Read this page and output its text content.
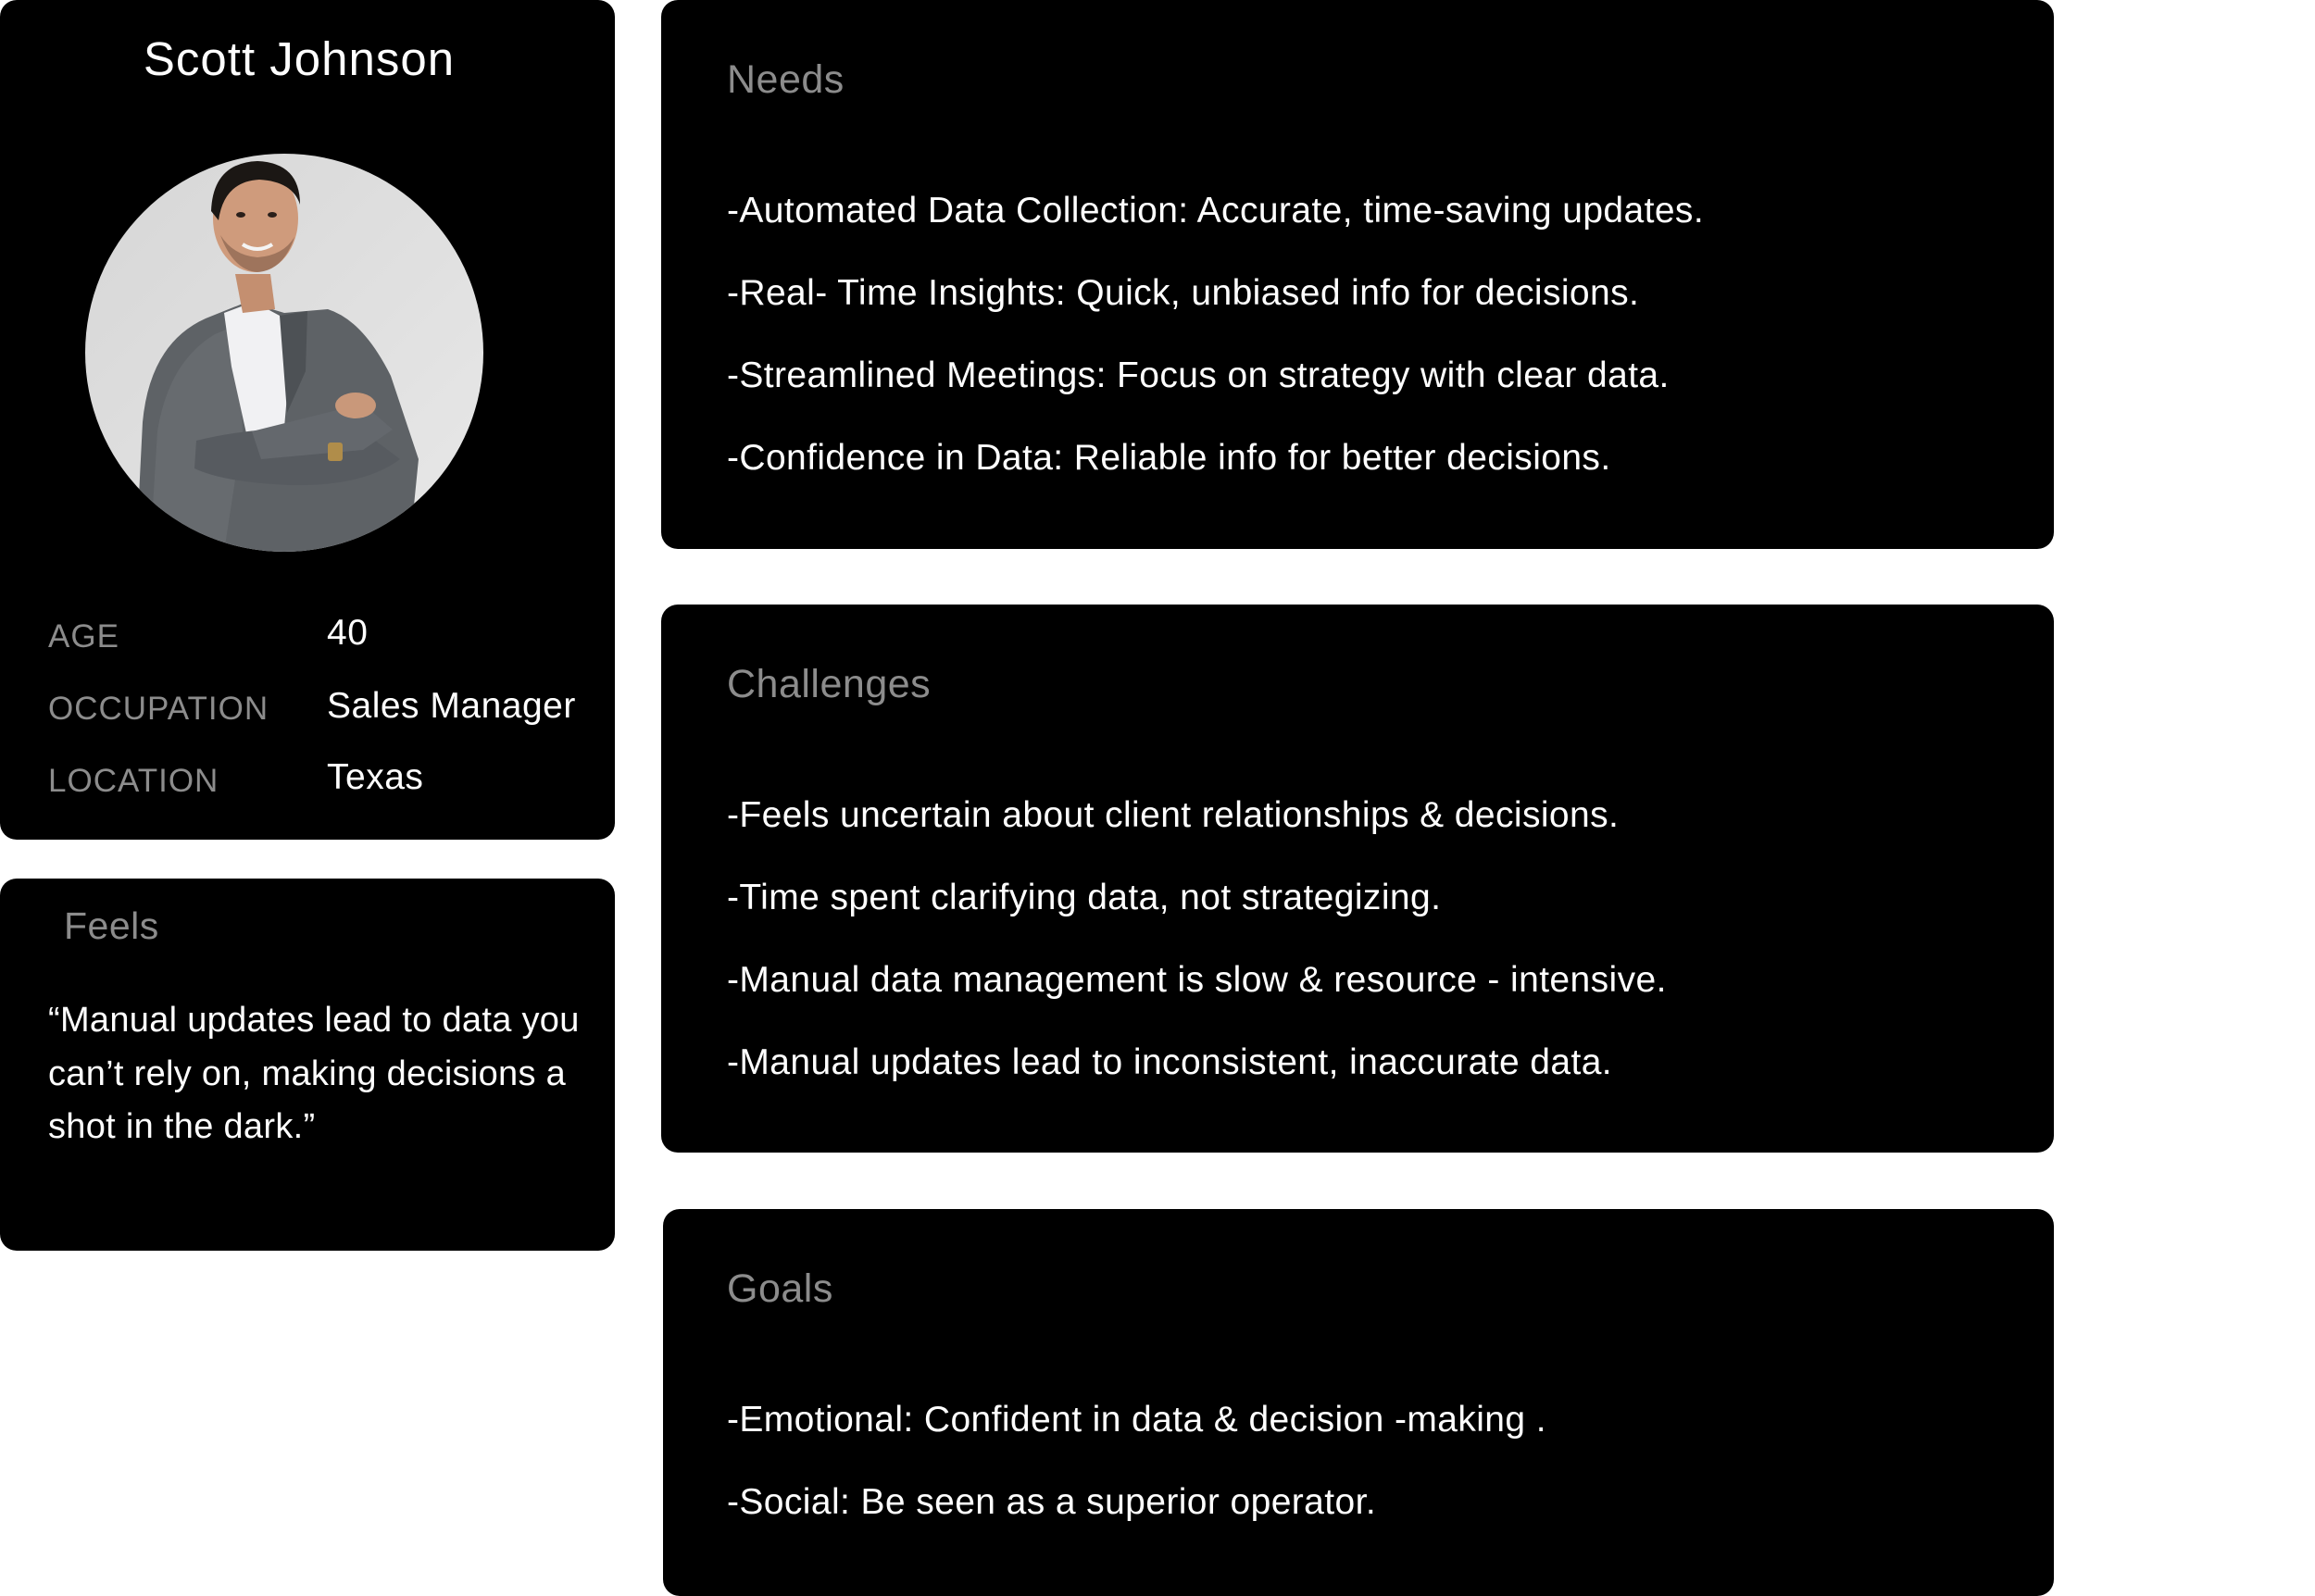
Scott Johnson
AGE	40
OCCUPATION Sales Manager
LOCATION	Texas
Feels
“Manual updates lead to data you can’t rely on, making decisions a shot in the dark.”
Needs
-Automated Data Collection: Accurate, time-saving updates.
-Real- Time Insights: Quick, unbiased info for decisions.
-Streamlined Meetings: Focus on strategy with clear data.
-Confidence in Data: Reliable info for better decisions.
Challenges
-Feels uncertain about client relationships & decisions.
-Time spent clarifying data, not strategizing.
-Manual data management is slow & resource - intensive.
-Manual updates lead to inconsistent, inaccurate data.
Goals
-Emotional: Confident in data & decision -making .
-Social: Be seen as a superior operator.
